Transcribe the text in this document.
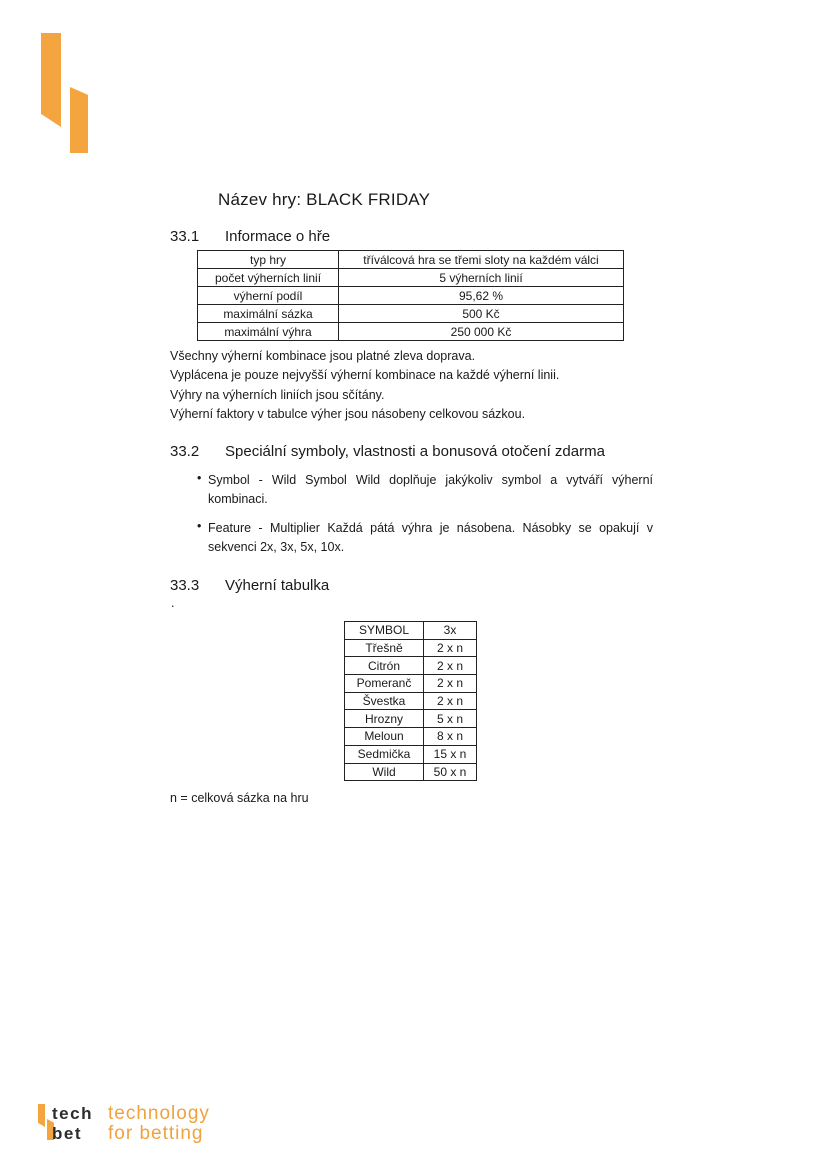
Název hry: BLACK FRIDAY
33.1	Informace o hře
typ hry	tříválcová hra se třemi sloty na každém válci
počet výherních linií	5 výherních linií
výherní podíl	95,62 %
maximální sázka	500 Kč
maximální výhra	250 000 Kč
Všechny výherní kombinace jsou platné zleva doprava.
Vyplácena je pouze nejvyšší výherní kombinace na každé výherní linii.
Výhry na výherních liniích jsou sčítány.
Výherní faktory v tabulce výher jsou násobeny celkovou sázkou.
33.2	Speciální symboly, vlastnosti a bonusová otočení zdarma
• Symbol - Wild Symbol Wild doplňuje jakýkoliv symbol a vytváří výherní kombinaci.
• Feature - Multiplier Každá pátá výhra je násobena. Násobky se opakují v sekvenci 2x, 3x, 5x, 10x.
33.3	Výherní tabulka
.
SYMBOL	3x
Třešně	2 x n
Citrón	2 x n
Pomeranč	2 x n
Švestka	2 x n
Hrozny	5 x n
Meloun	8 x n
Sedmička	15 x n
Wild	50 x n
n = celková sázka na hru
tech technology
bet	for betting
